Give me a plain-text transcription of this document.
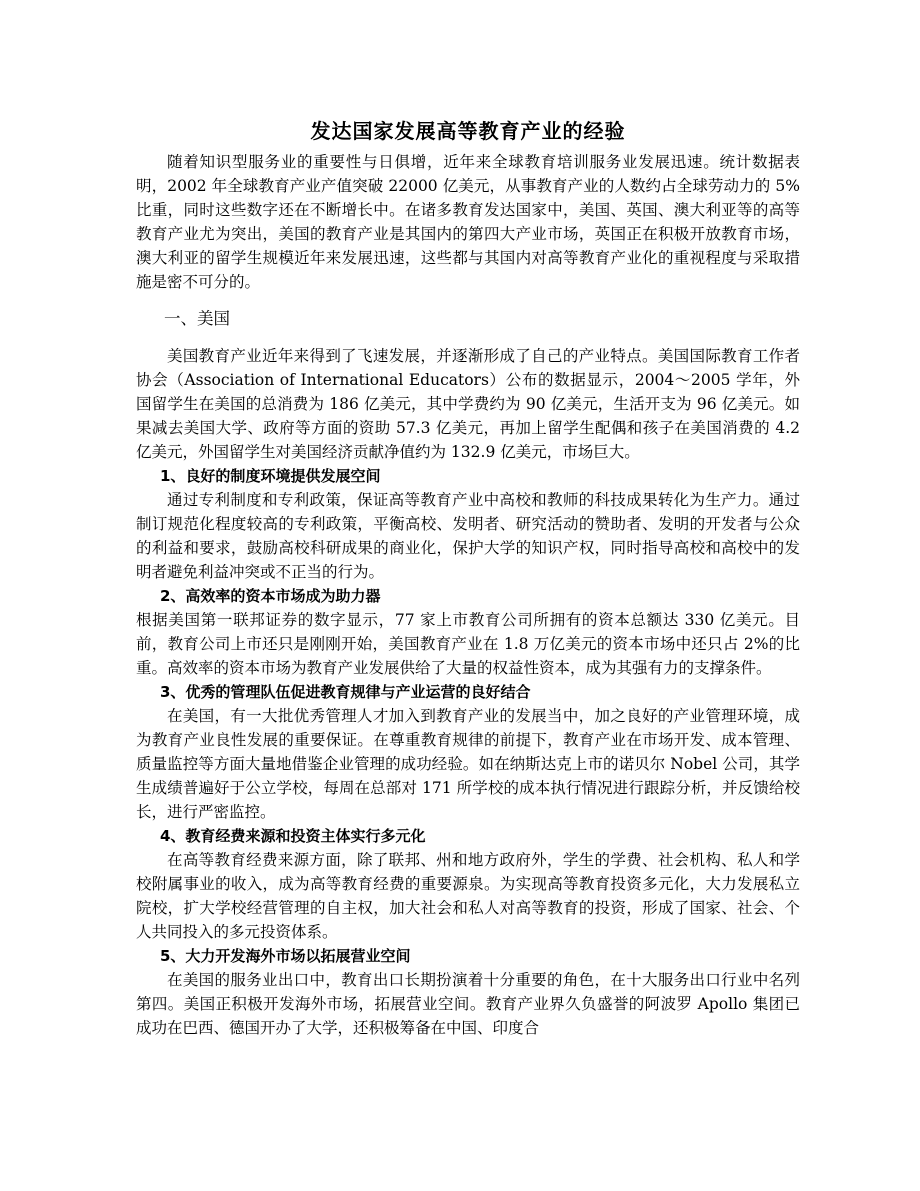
发达国家发展高等教育产业的经验

随着知识型服务业的重要性与日俱增，近年来全球教育培训服务业发展迅速。统计数据表明，2002 年全球教育产业产值突破 22000 亿美元，从事教育产业的人数约占全球劳动力的 5%比重，同时这些数字还在不断增长中。在诸多教育发达国家中，美国、英国、澳大利亚等的高等教育产业尤为突出，美国的教育产业是其国内的第四大产业市场，英国正在积极开放教育市场，澳大利亚的留学生规模近年来发展迅速，这些都与其国内对高等教育产业化的重视程度与采取措施是密不可分的。

一、美国

美国教育产业近年来得到了飞速发展，并逐渐形成了自己的产业特点。美国国际教育工作者协会（Association of International Educators）公布的数据显示，2004～2005 学年，外国留学生在美国的总消费为 186 亿美元，其中学费约为 90 亿美元，生活开支为 96 亿美元。如果减去美国大学、政府等方面的资助 57.3 亿美元，再加上留学生配偶和孩子在美国消费的 4.2 亿美元，外国留学生对美国经济贡献净值约为 132.9 亿美元，市场巨大。

1、良好的制度环境提供发展空间

通过专利制度和专利政策，保证高等教育产业中高校和教师的科技成果转化为生产力。通过制订规范化程度较高的专利政策，平衡高校、发明者、研究活动的赞助者、发明的开发者与公众的利益和要求，鼓励高校科研成果的商业化，保护大学的知识产权，同时指导高校和高校中的发明者避免利益冲突或不正当的行为。

2、高效率的资本市场成为助力器

根据美国第一联邦证券的数字显示，77 家上市教育公司所拥有的资本总额达 330 亿美元。目前，教育公司上市还只是刚刚开始，美国教育产业在 1.8 万亿美元的资本市场中还只占 2%的比重。高效率的资本市场为教育产业发展供给了大量的权益性资本，成为其强有力的支撑条件。

3、优秀的管理队伍促进教育规律与产业运营的良好结合

在美国，有一大批优秀管理人才加入到教育产业的发展当中，加之良好的产业管理环境，成为教育产业良性发展的重要保证。在尊重教育规律的前提下，教育产业在市场开发、成本管理、质量监控等方面大量地借鉴企业管理的成功经验。如在纳斯达克上市的诺贝尔 Nobel 公司，其学生成绩普遍好于公立学校，每周在总部对 171 所学校的成本执行情况进行跟踪分析，并反馈给校长，进行严密监控。

4、教育经费来源和投资主体实行多元化

在高等教育经费来源方面，除了联邦、州和地方政府外，学生的学费、社会机构、私人和学校附属事业的收入，成为高等教育经费的重要源泉。为实现高等教育投资多元化，大力发展私立院校，扩大学校经营管理的自主权，加大社会和私人对高等教育的投资，形成了国家、社会、个人共同投入的多元投资体系。

5、大力开发海外市场以拓展营业空间

在美国的服务业出口中，教育出口长期扮演着十分重要的角色，在十大服务出口行业中名列第四。美国正积极开发海外市场，拓展营业空间。教育产业界久负盛誉的阿波罗 Apollo 集团已成功在巴西、德国开办了大学，还积极筹备在中国、印度合
